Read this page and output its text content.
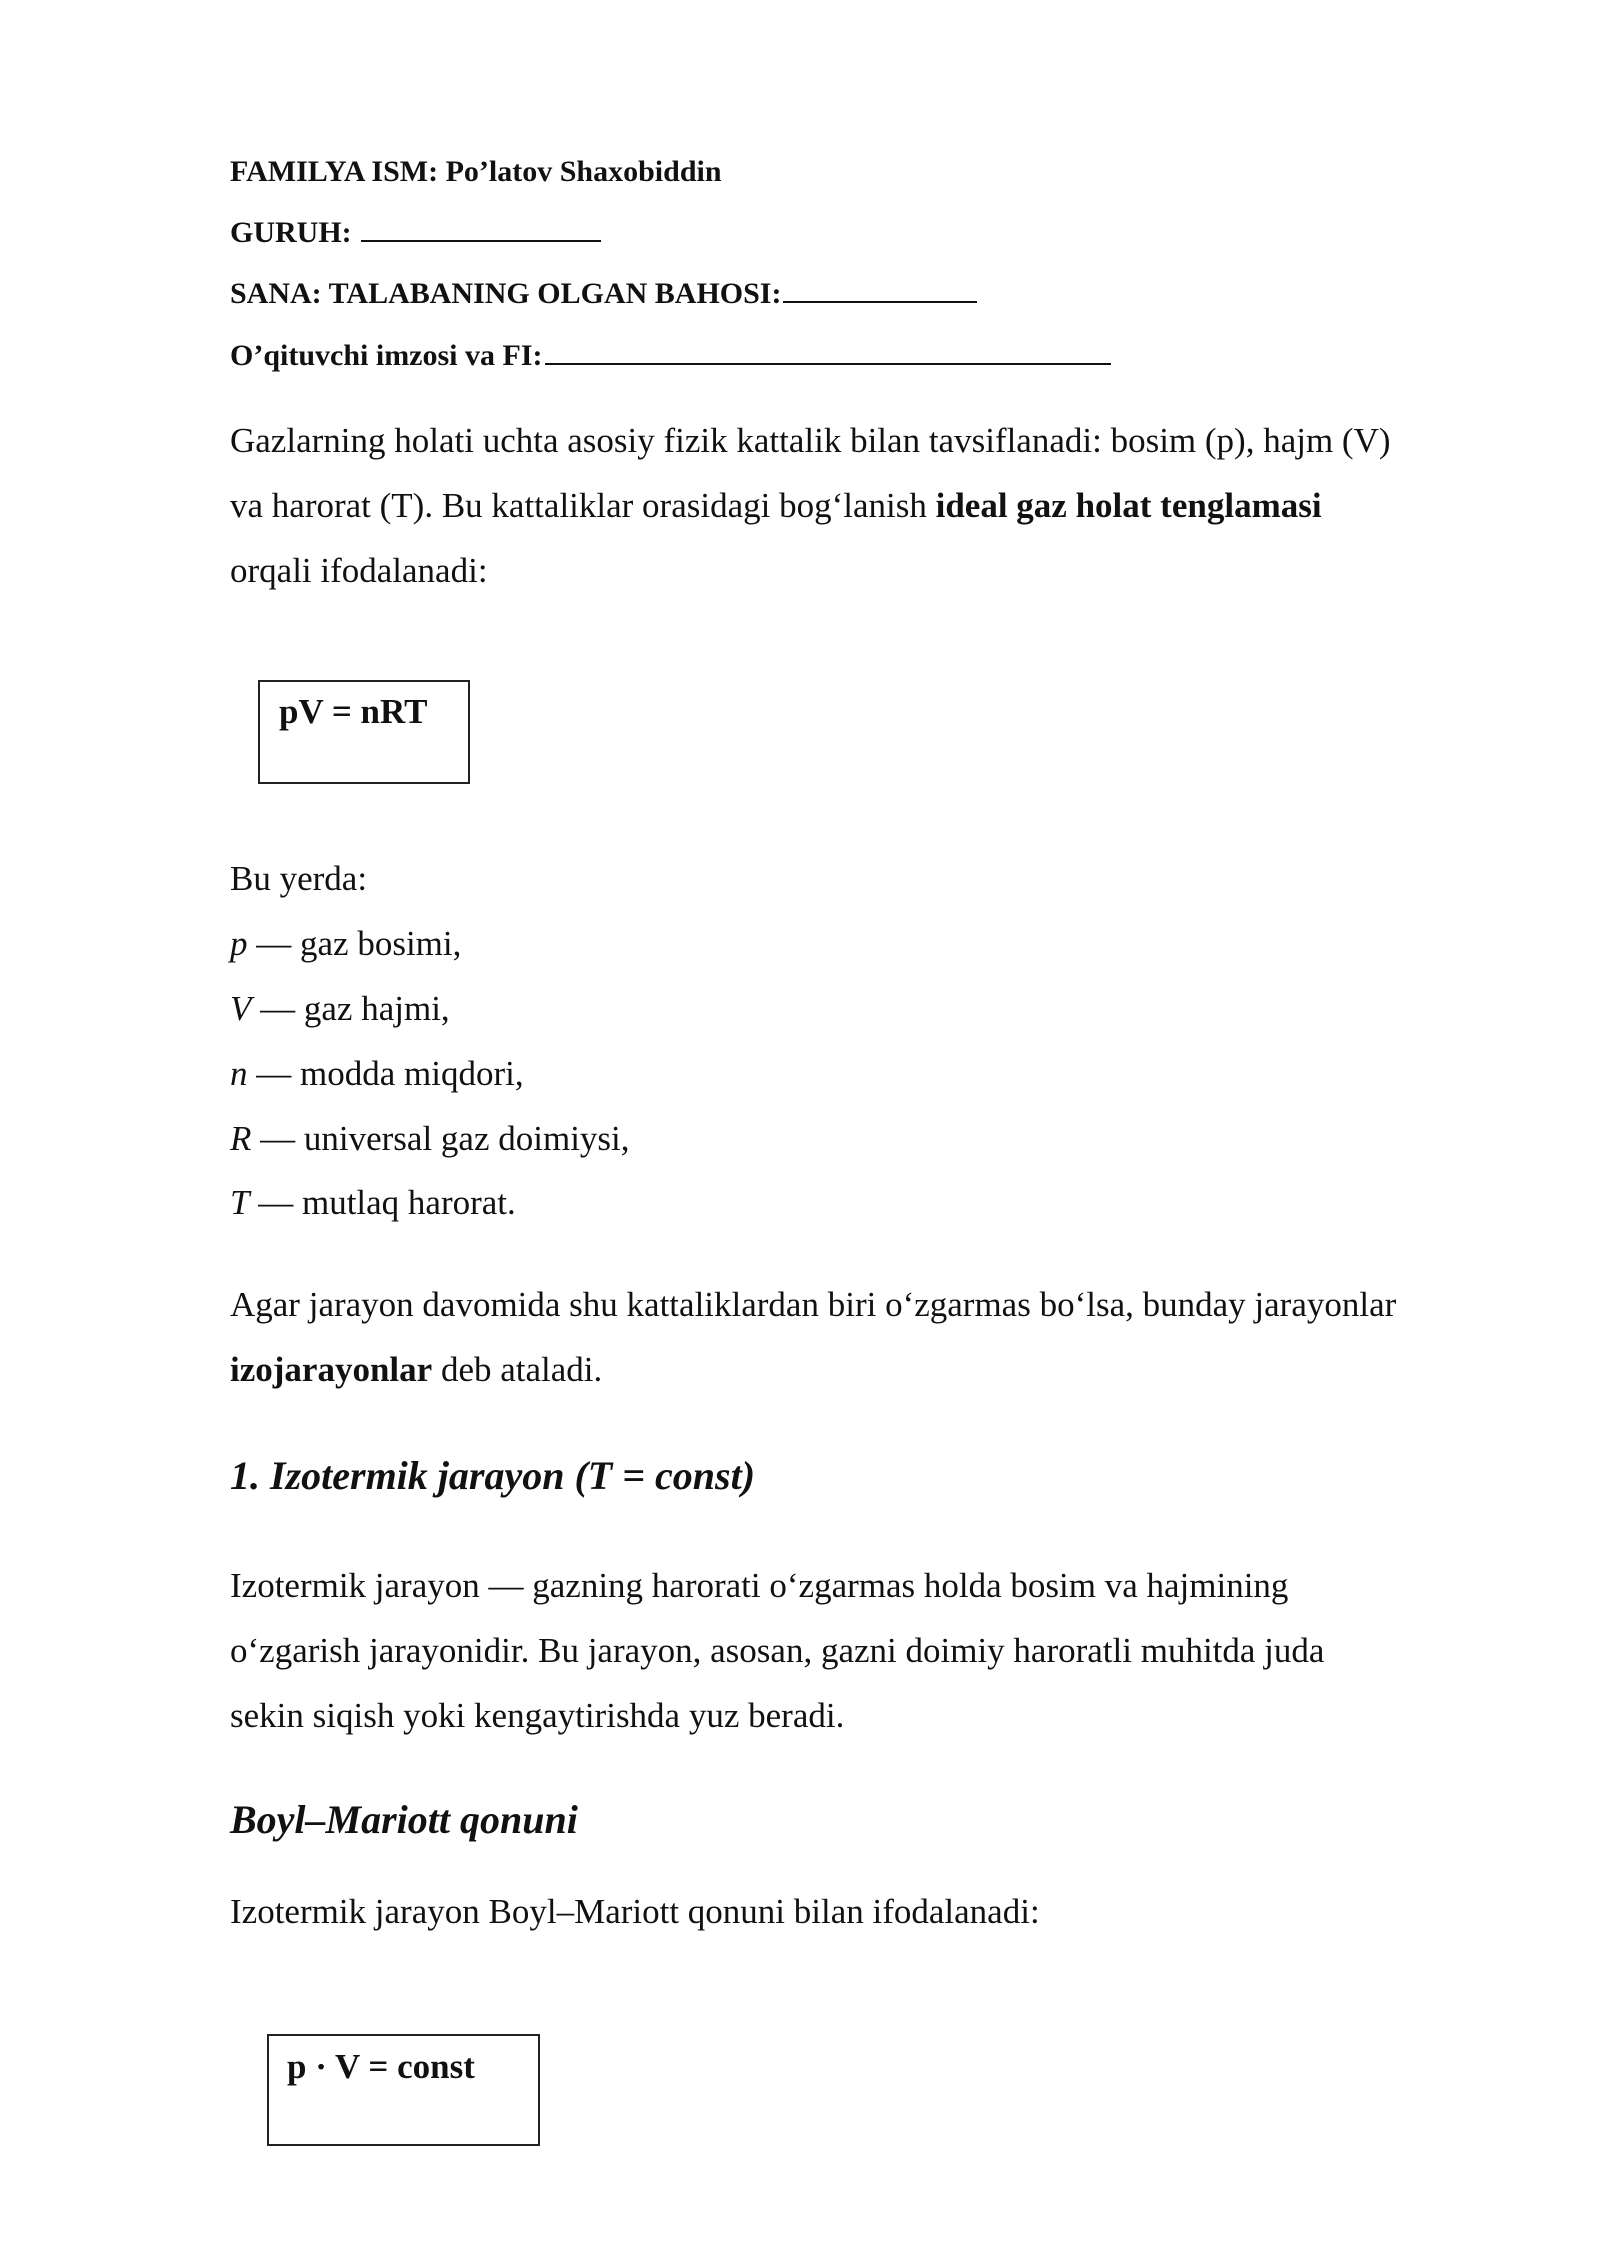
FAMILYA ISM: Po’latov Shaxobiddin
GURUH:
SANA: TALABANING OLGAN BAHOSI:
O’qituvchi imzosi va FI:
Gazlarning holati uchta asosiy fizik kattalik bilan tavsiflanadi: bosim (p), hajm (V)
va harorat (T). Bu kattaliklar orasidagi bog‘lanish ideal gaz holat tenglamasi
orqali ifodalanadi:
pV = nRT
Bu yerda:
p — gaz bosimi,
V — gaz hajmi,
n — modda miqdori,
R — universal gaz doimiysi,
T — mutlaq harorat.
Agar jarayon davomida shu kattaliklardan biri o‘zgarmas bo‘lsa, bunday jarayonlar
izojarayonlar deb ataladi.
1. Izotermik jarayon (T = const)
Izotermik jarayon — gazning harorati o‘zgarmas holda bosim va hajmining
o‘zgarish jarayonidir. Bu jarayon, asosan, gazni doimiy haroratli muhitda juda
sekin siqish yoki kengaytirishda yuz beradi.
Boyl–Mariott qonuni
Izotermik jarayon Boyl–Mariott qonuni bilan ifodalanadi:
p · V = const
